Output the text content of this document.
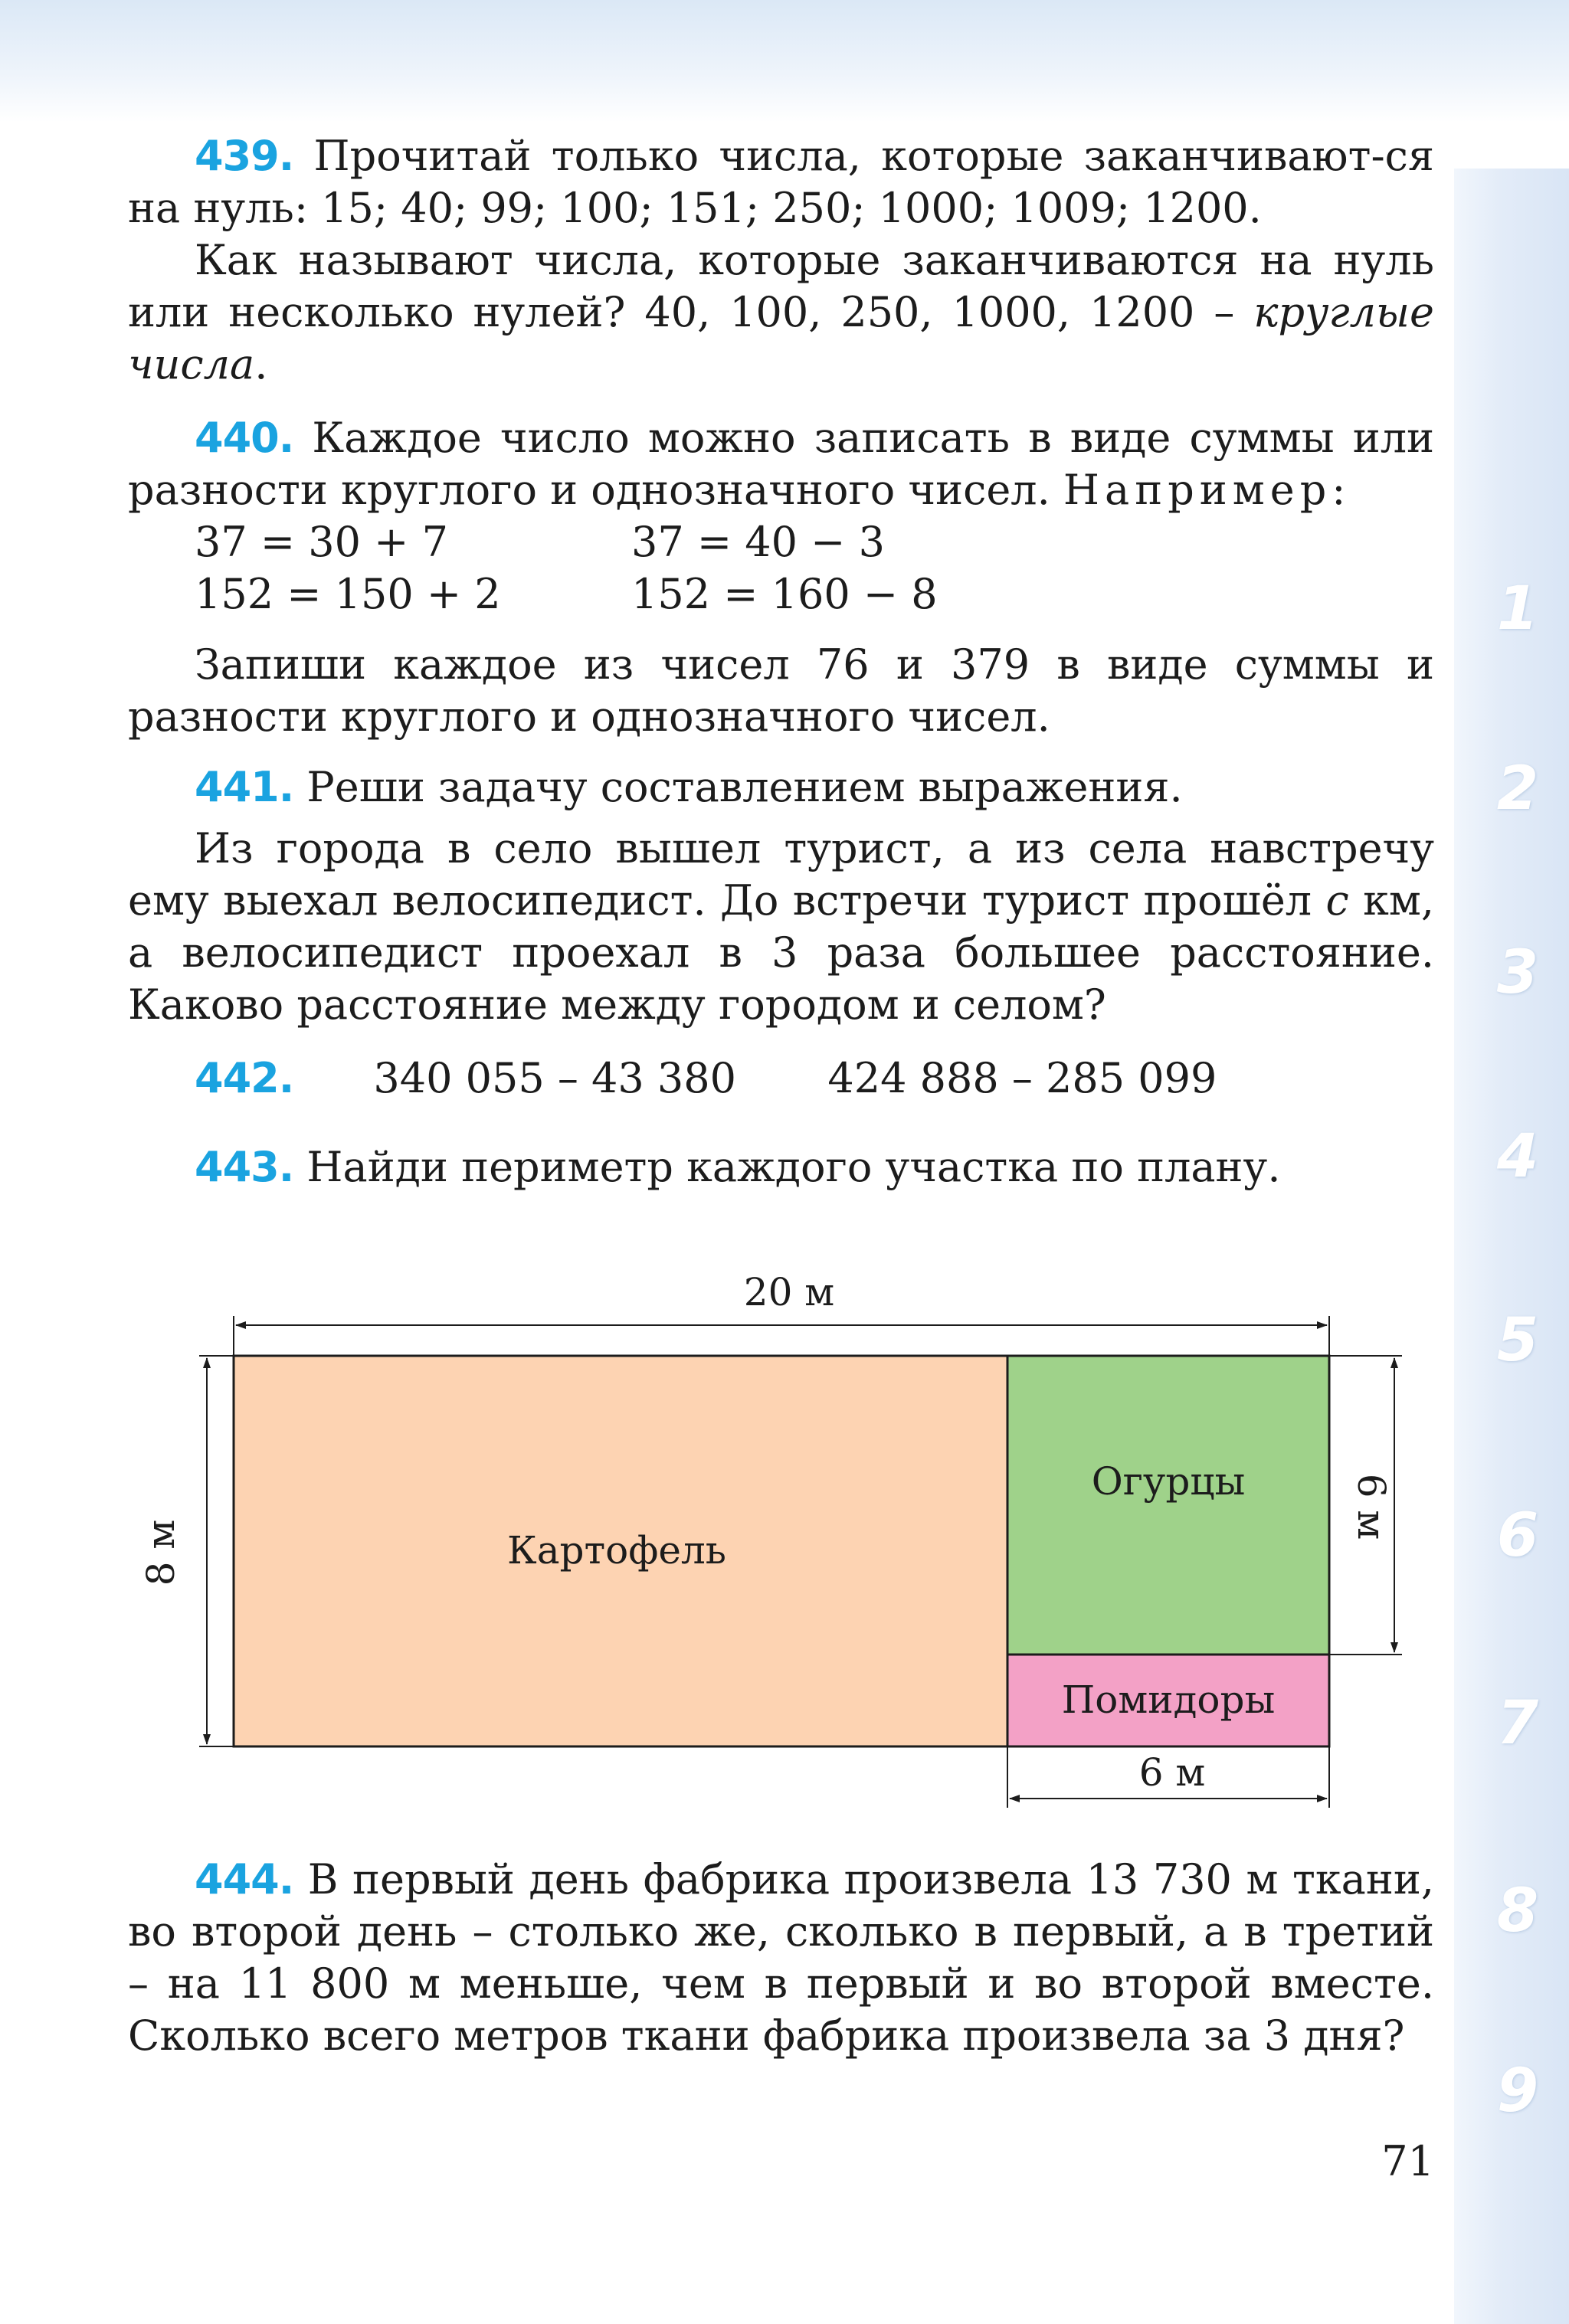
1
2
3
4
5
6
7
8
9
439. Прочитай только числа, которые заканчивают-ся на нуль: 15; 40; 99; 100; 151; 250; 1000; 1009; 1200.
Как называют числа, которые заканчиваются на нуль или несколько нулей? 40, 100, 250, 1000, 1200 – круглые числа.
440. Каждое число можно записать в виде суммы или разности круглого и однозначного чисел. Например:
37 = 30 + 7	37 = 40 − 3
152 = 150 + 2	152 = 160 − 8
Запиши каждое из чисел 76 и 379 в виде суммы и разности круглого и однозначного чисел.
441. Реши задачу составлением выражения.
Из города в село вышел турист, а из села навстречу ему выехал велосипедист. До встречи турист прошёл c км, а велосипедист проехал в 3 раза большее расстояние. Каково расстояние между городом и селом?
442. 340 055 – 43 380 424 888 – 285 099
443. Найди периметр каждого участка по плану.
20 м
8 м
6 м
6 м
Картофель
Огурцы
Помидоры
444. В первый день фабрика произвела 13 730 м ткани, во второй день – столько же, сколько в первый, а в третий – на 11 800 м меньше, чем в первый и во второй вместе. Сколько всего метров ткани фабрика произвела за 3 дня?
71
